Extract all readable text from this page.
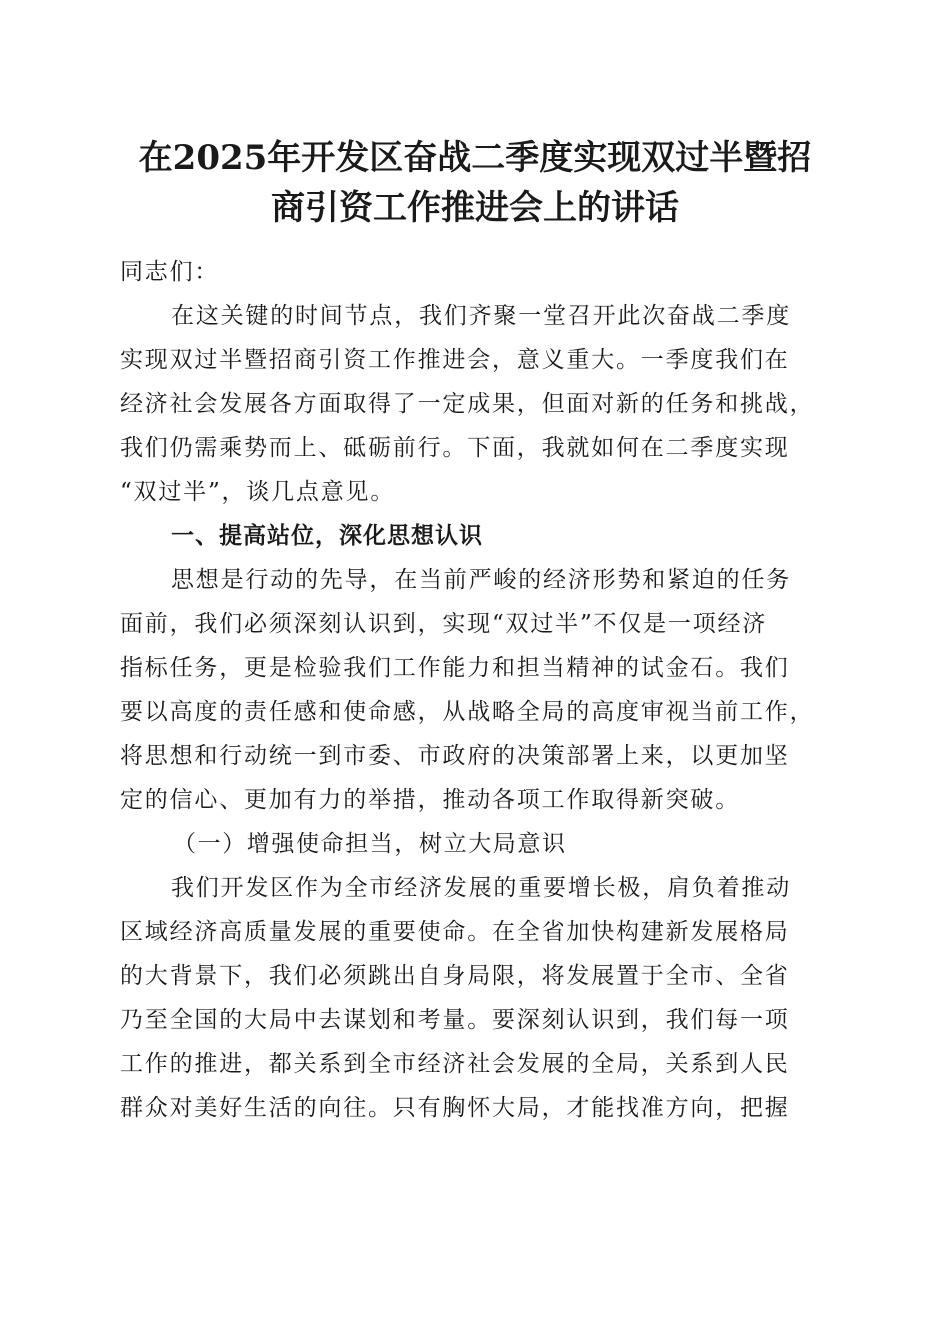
在2025年开发区奋战二季度实现双过半暨招
商引资工作推进会上的讲话
同志们：
在这关键的时间节点，我们齐聚一堂召开此次奋战二季度
实现双过半暨招商引资工作推进会，意义重大。一季度我们在
经济社会发展各方面取得了一定成果，但面对新的任务和挑战，
我们仍需乘势而上、砥砺前行。下面，我就如何在二季度实现
“双过半”，谈几点意见。
一、提高站位，深化思想认识
思想是行动的先导，在当前严峻的经济形势和紧迫的任务
面前，我们必须深刻认识到，实现“双过半”不仅是一项经济
指标任务，更是检验我们工作能力和担当精神的试金石。我们
要以高度的责任感和使命感，从战略全局的高度审视当前工作，
将思想和行动统一到市委、市政府的决策部署上来，以更加坚
定的信心、更加有力的举措，推动各项工作取得新突破。
（一）增强使命担当，树立大局意识
我们开发区作为全市经济发展的重要增长极，肩负着推动
区域经济高质量发展的重要使命。在全省加快构建新发展格局
的大背景下，我们必须跳出自身局限，将发展置于全市、全省
乃至全国的大局中去谋划和考量。要深刻认识到，我们每一项
工作的推进，都关系到全市经济社会发展的全局，关系到人民
群众对美好生活的向往。只有胸怀大局，才能找准方向，把握
